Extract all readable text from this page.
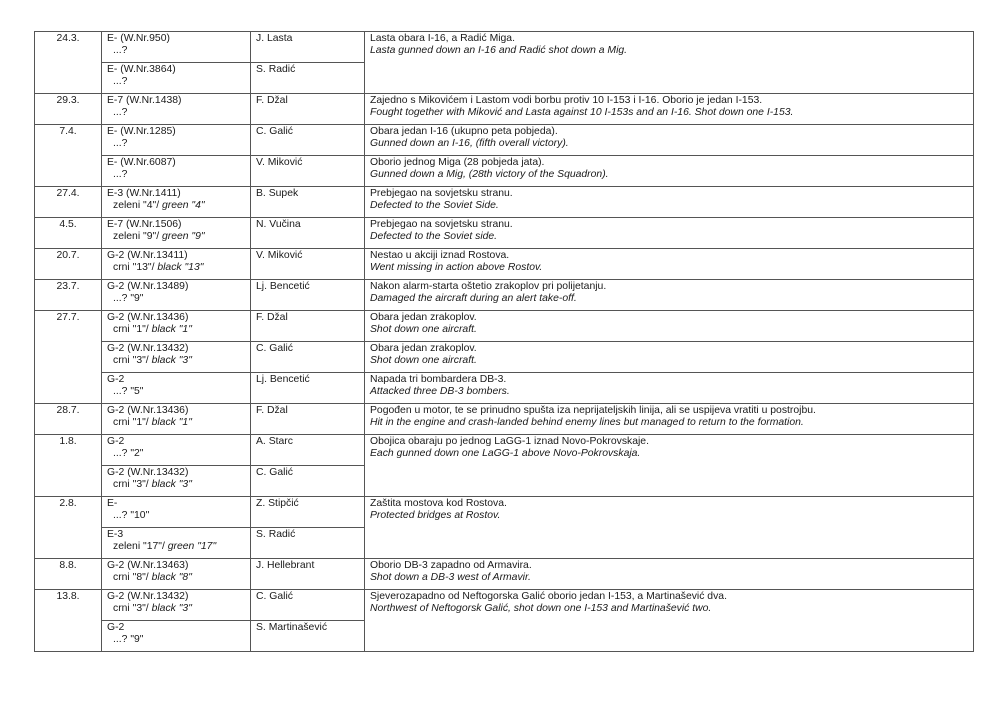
24.3.	E- (W.Nr.950)
...?	J. Lasta	Lasta obara I-16, a Radić Miga.
Lasta gunned down an I-16 and Radić shot down a Mig.

	E- (W.Nr.3864)
...?	S. Radić	
29.3.	E-7 (W.Nr.1438)
...?	F. Džal	Zajedno s Mikovićem i Lastom vodi borbu protiv 10 I-153 i I-16. Oborio je jedan I-153.
Fought together with Miković and Lasta against 10 I-153s and an I-16. Shot down one I-153.

7.4.	E- (W.Nr.1285)
...?	C. Galić	Obara jedan I-16 (ukupno peta pobjeda).
Gunned down an I-16, (fifth overall victory).

	E- (W.Nr.6087)
...?	V. Miković	Oborio jednog Miga (28 pobjeda jata).
Gunned down a Mig, (28th victory of the Squadron).

27.4.	E-3 (W.Nr.1411)
zeleni "4"/ green "4"	B. Supek	Prebjegao na sovjetsku stranu.
Defected to the Soviet Side.

4.5.	E-7 (W.Nr.1506)
zeleni "9"/ green "9"	N. Vučina	Prebjegao na sovjetsku stranu.
Defected to the Soviet side.

20.7.	G-2 (W.Nr.13411)
crni "13"/ black "13"	V. Miković	Nestao u akciji iznad Rostova.
Went missing in action above Rostov.

23.7.	G-2 (W.Nr.13489)
...? "9"	Lj. Bencetić	Nakon alarm-starta oštetio zrakoplov pri polijetanju.
Damaged the aircraft during an alert take-off.

27.7.	G-2 (W.Nr.13436)
crni "1"/ black "1"	F. Džal	Obara jedan zrakoplov.
Shot down one aircraft.

	G-2 (W.Nr.13432)
crni "3"/ black "3"	C. Galić	Obara jedan zrakoplov.
Shot down one aircraft.

	G-2
...? "5"	Lj. Bencetić	Napada tri bombardera DB-3.
Attacked three DB-3 bombers.

28.7.	G-2 (W.Nr.13436)
crni "1"/ black "1"	F. Džal	Pogođen u motor, te se prinudno spušta iza neprijateljskih linija, ali se uspijeva vratiti u postrojbu.
Hit in the engine and crash-landed behind enemy lines but managed to return to the formation.

1.8.	G-2
...? "2"	A. Starc	Obojica obaraju po jednog LaGG-1 iznad Novo-Pokrovskaje.
Each gunned down one LaGG-1 above Novo-Pokrovskaja.

	G-2 (W.Nr.13432)
crni "3"/ black "3"	C. Galić	
2.8.	E-
...? "10"	Z. Stipčić	Zaštita mostova kod Rostova.
Protected bridges at Rostov.

	E-3
zeleni "17"/ green "17"	S. Radić	
8.8.	G-2 (W.Nr.13463)
crni "8"/ black "8"	J. Hellebrant	Oborio DB-3 zapadno od Armavira.
Shot down a DB-3 west of Armavir.

13.8.	G-2 (W.Nr.13432)
crni "3"/ black "3"	C. Galić	Sjeverozapadno od Neftogorska Galić oborio jedan I-153, a Martinašević dva.
Northwest of Neftogorsk Galić, shot down one I-153 and Martinašević two.

	G-2
...? "9"	S. Martinašević	
